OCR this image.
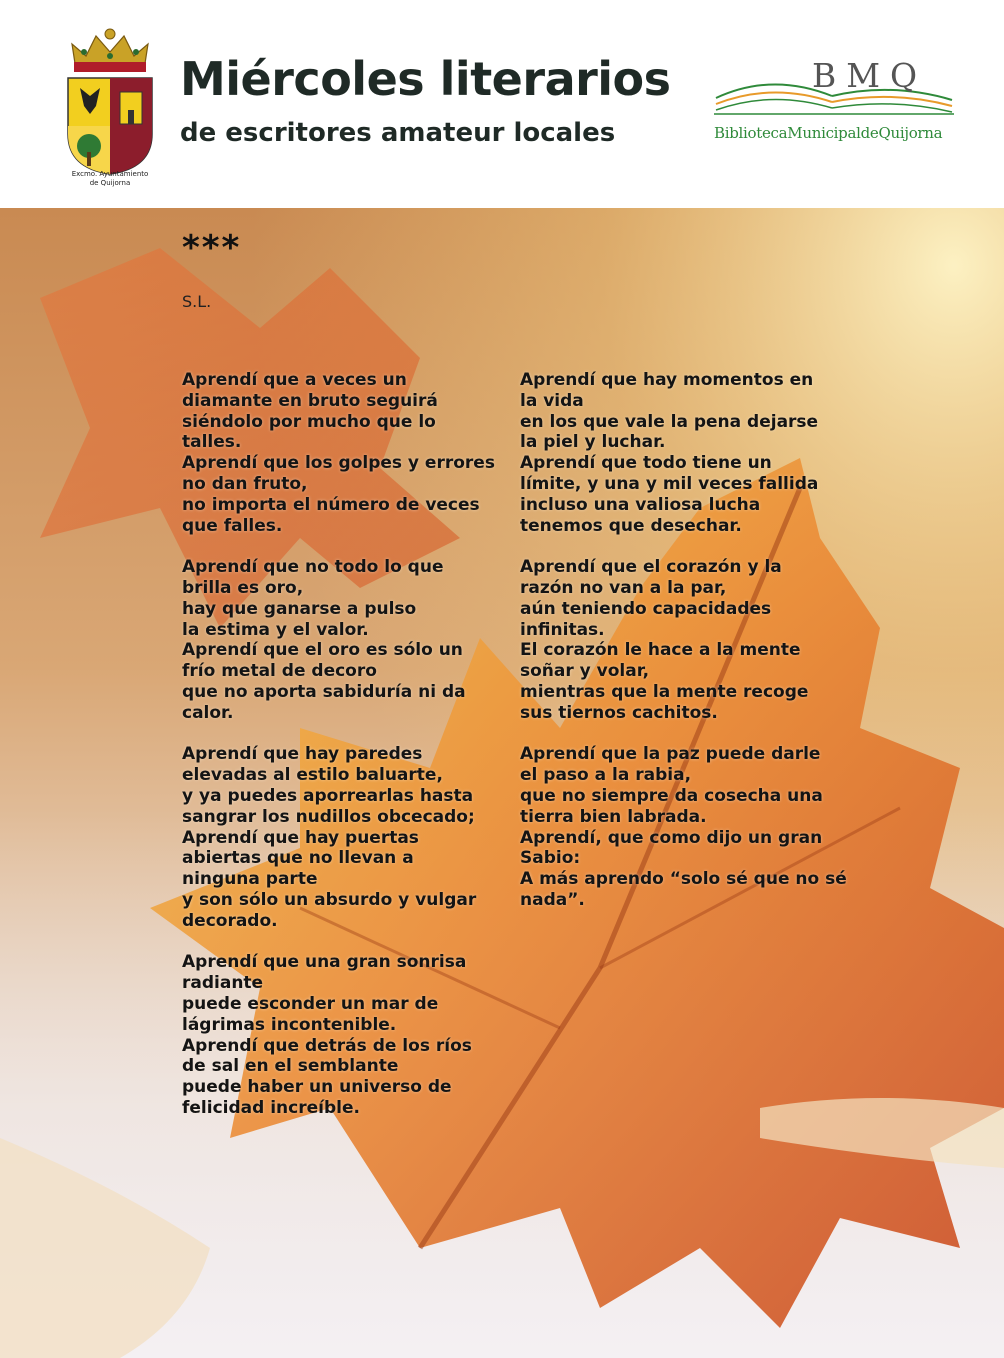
Excmo. Ayuntamiento
de Quijorna
Miércoles literarios
de escritores amateur locales
BMQ
BibliotecaMunicipaldeQuijorna
***
S.L.
Aprendí que a veces un
diamante en bruto seguirá
siéndolo por mucho que lo
talles.
Aprendí que los golpes y errores
no dan fruto,
no importa el número de veces
que falles.
Aprendí que no todo lo que
brilla es oro,
hay que ganarse a pulso
la estima y el valor.
Aprendí que el oro es sólo un
frío metal de decoro
que no aporta sabiduría ni da
calor.
Aprendí que hay paredes
elevadas al estilo baluarte,
y ya puedes aporrearlas hasta
sangrar los nudillos obcecado;
Aprendí que hay puertas
abiertas que no llevan a
ninguna parte
y son sólo un absurdo y vulgar
decorado.
Aprendí que una gran sonrisa
radiante
puede esconder un mar de
lágrimas incontenible.
Aprendí que detrás de los ríos
de sal en el semblante
puede haber un universo de
felicidad increíble.
Aprendí que hay momentos en
la vida
en los que vale la pena dejarse
la piel y luchar.
Aprendí que todo tiene un
límite, y una y mil veces fallida
incluso una valiosa lucha
tenemos que desechar.
Aprendí que el corazón y la
razón no van a la par,
aún teniendo capacidades
infinitas.
El corazón le hace a la mente
soñar y volar,
mientras que la mente recoge
sus tiernos cachitos.
Aprendí que la paz puede darle
el paso a la rabia,
que no siempre da cosecha una
tierra bien labrada.
Aprendí, que como dijo un gran
Sabio:
A más aprendo “solo sé que no sé
nada”.
